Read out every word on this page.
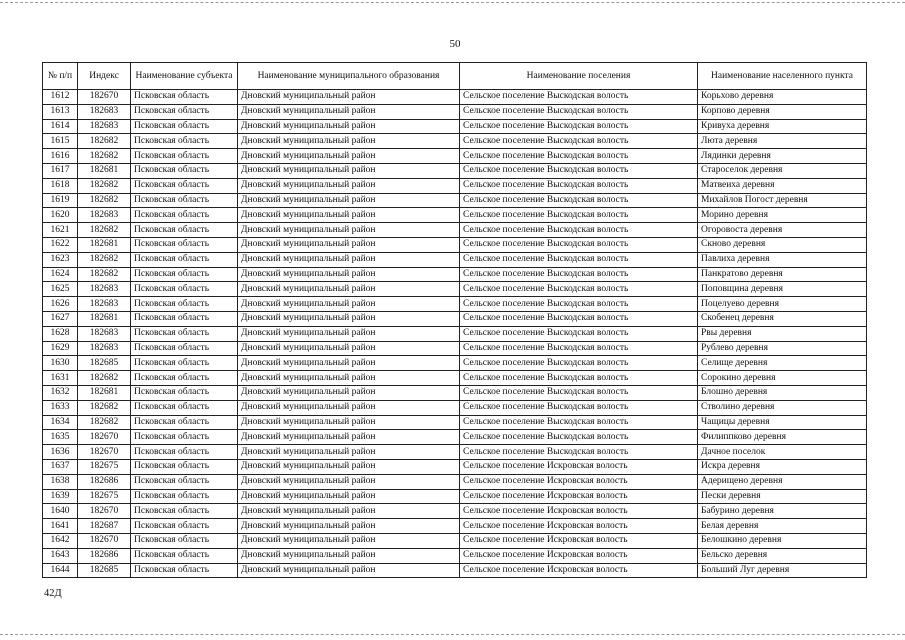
50
№ п/п	Индекс	Наименование субъекта	Наименование муниципального образования	Наименование поселения	Наименование населенного пункта
1612	182670	Псковская область	Дновский муниципальный район	Сельское поселение Выскодская волость	Корьхово деревня
1613	182683	Псковская область	Дновский муниципальный район	Сельское поселение Выскодская волость	Корпово деревня
1614	182683	Псковская область	Дновский муниципальный район	Сельское поселение Выскодская волость	Кривуха деревня
1615	182682	Псковская область	Дновский муниципальный район	Сельское поселение Выскодская волость	Люта деревня
1616	182682	Псковская область	Дновский муниципальный район	Сельское поселение Выскодская волость	Лядинки деревня
1617	182681	Псковская область	Дновский муниципальный район	Сельское поселение Выскодская волость	Староселок деревня
1618	182682	Псковская область	Дновский муниципальный район	Сельское поселение Выскодская волость	Матвеиха деревня
1619	182682	Псковская область	Дновский муниципальный район	Сельское поселение Выскодская волость	Михайлов Погост деревня
1620	182683	Псковская область	Дновский муниципальный район	Сельское поселение Выскодская волость	Морино деревня
1621	182682	Псковская область	Дновский муниципальный район	Сельское поселение Выскодская волость	Огоровоста деревня
1622	182681	Псковская область	Дновский муниципальный район	Сельское поселение Выскодская волость	Скново деревня
1623	182682	Псковская область	Дновский муниципальный район	Сельское поселение Выскодская волость	Павлиха деревня
1624	182682	Псковская область	Дновский муниципальный район	Сельское поселение Выскодская волость	Панкратово деревня
1625	182683	Псковская область	Дновский муниципальный район	Сельское поселение Выскодская волость	Поповщина деревня
1626	182683	Псковская область	Дновский муниципальный район	Сельское поселение Выскодская волость	Поцелуево деревня
1627	182681	Псковская область	Дновский муниципальный район	Сельское поселение Выскодская волость	Скобенец деревня
1628	182683	Псковская область	Дновский муниципальный район	Сельское поселение Выскодская волость	Рвы деревня
1629	182683	Псковская область	Дновский муниципальный район	Сельское поселение Выскодская волость	Рублево деревня
1630	182685	Псковская область	Дновский муниципальный район	Сельское поселение Выскодская волость	Селище деревня
1631	182682	Псковская область	Дновский муниципальный район	Сельское поселение Выскодская волость	Сорокино деревня
1632	182681	Псковская область	Дновский муниципальный район	Сельское поселение Выскодская волость	Блошно деревня
1633	182682	Псковская область	Дновский муниципальный район	Сельское поселение Выскодская волость	Стволино деревня
1634	182682	Псковская область	Дновский муниципальный район	Сельское поселение Выскодская волость	Чащицы деревня
1635	182670	Псковская область	Дновский муниципальный район	Сельское поселение Выскодская волость	Филиппково деревня
1636	182670	Псковская область	Дновский муниципальный район	Сельское поселение Выскодская волость	Дачное поселок
1637	182675	Псковская область	Дновский муниципальный район	Сельское поселение Искровская волость	Искра деревня
1638	182686	Псковская область	Дновский муниципальный район	Сельское поселение Искровская волость	Адерищено деревня
1639	182675	Псковская область	Дновский муниципальный район	Сельское поселение Искровская волость	Пески деревня
1640	182670	Псковская область	Дновский муниципальный район	Сельское поселение Искровская волость	Бабурино деревня
1641	182687	Псковская область	Дновский муниципальный район	Сельское поселение Искровская волость	Белая деревня
1642	182670	Псковская область	Дновский муниципальный район	Сельское поселение Искровская волость	Белошкино деревня
1643	182686	Псковская область	Дновский муниципальный район	Сельское поселение Искровская волость	Бельско деревня
1644	182685	Псковская область	Дновский муниципальный район	Сельское поселение Искровская волость	Больший Луг деревня
42Д
